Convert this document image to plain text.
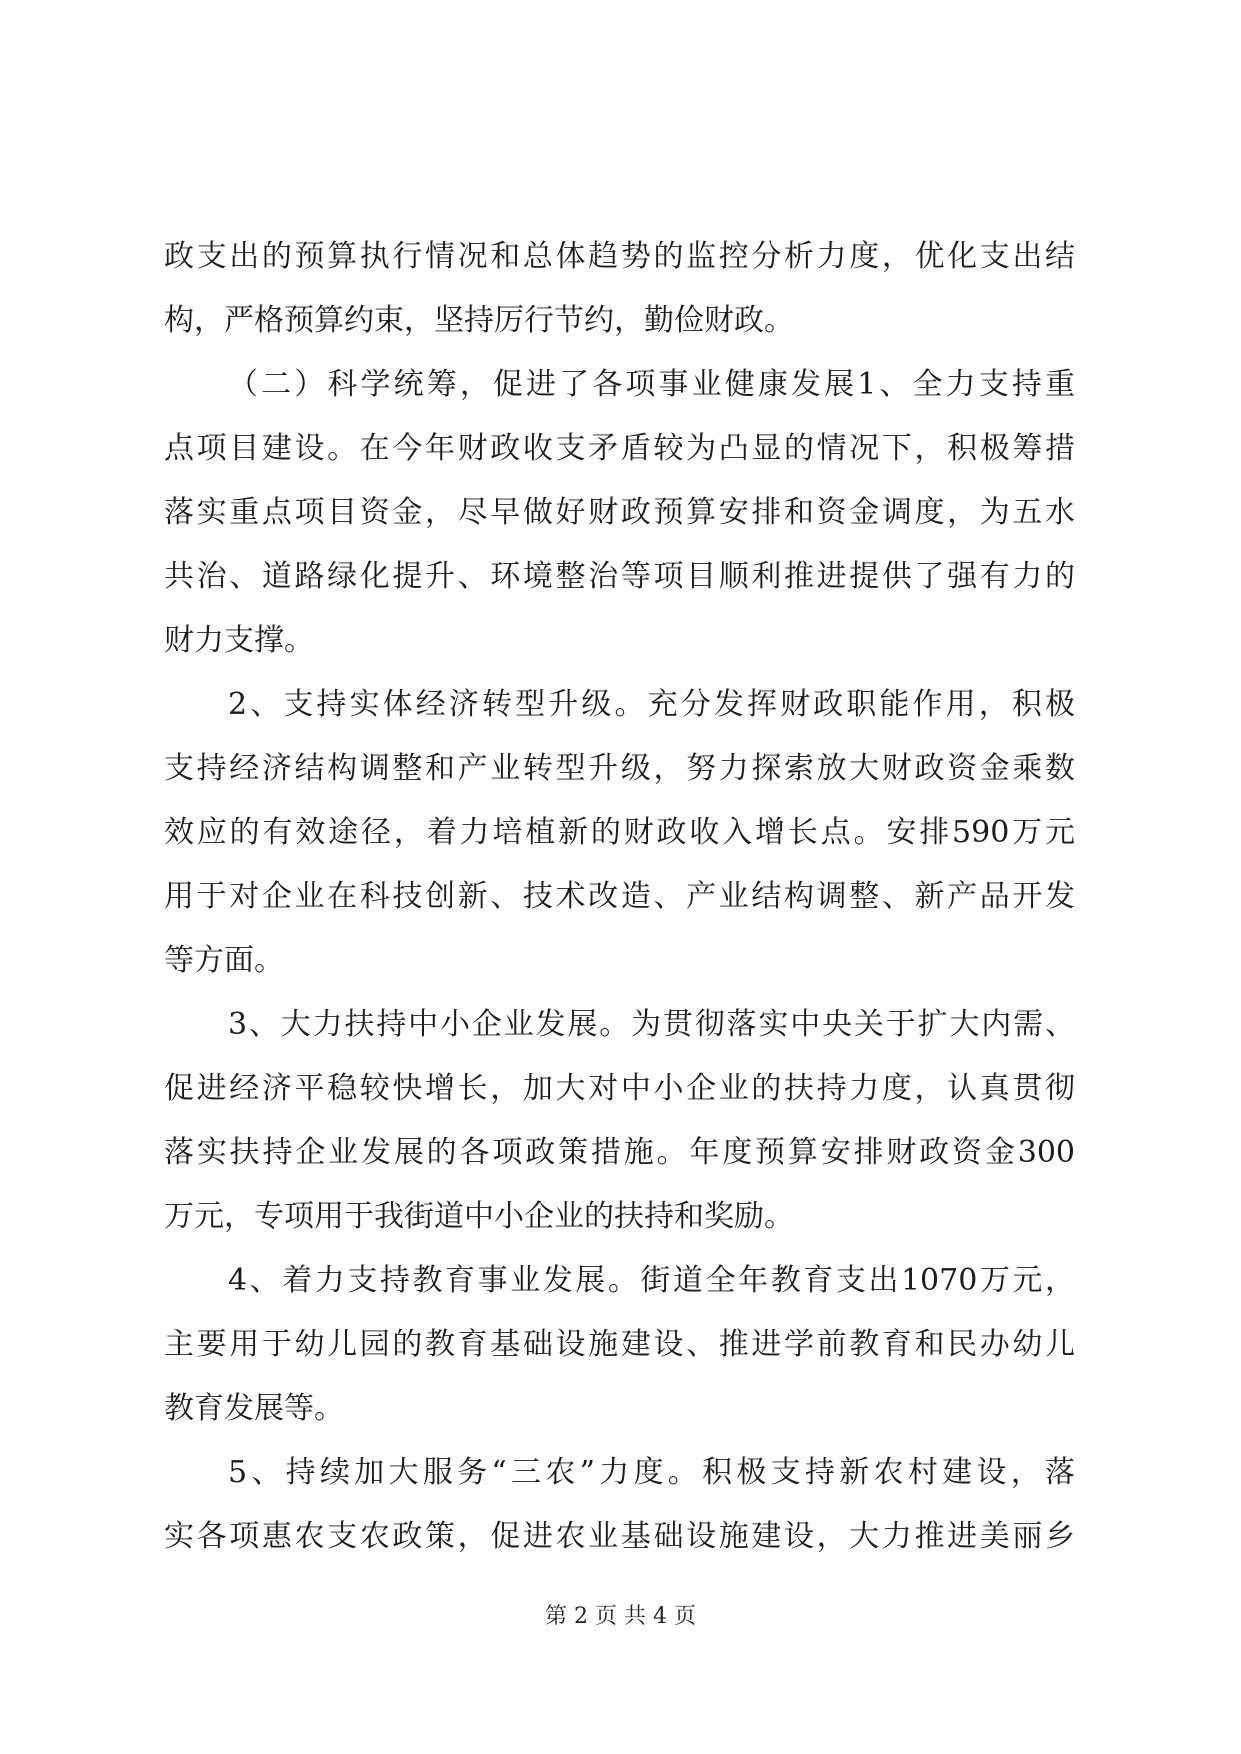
政支出的预算执行情况和总体趋势的监控分析力度，优化支出结
构，严格预算约束，坚持厉行节约，勤俭财政。
（二）科学统筹，促进了各项事业健康发展1、全力支持重
点项目建设。在今年财政收支矛盾较为凸显的情况下，积极筹措
落实重点项目资金，尽早做好财政预算安排和资金调度，为五水
共治、道路绿化提升、环境整治等项目顺利推进提供了强有力的
财力支撑。
2、支持实体经济转型升级。充分发挥财政职能作用，积极
支持经济结构调整和产业转型升级，努力探索放大财政资金乘数
效应的有效途径，着力培植新的财政收入增长点。安排590万元
用于对企业在科技创新、技术改造、产业结构调整、新产品开发
等方面。
3、大力扶持中小企业发展。为贯彻落实中央关于扩大内需、
促进经济平稳较快增长，加大对中小企业的扶持力度，认真贯彻
落实扶持企业发展的各项政策措施。年度预算安排财政资金300
万元，专项用于我街道中小企业的扶持和奖励。
4、着力支持教育事业发展。街道全年教育支出1070万元，
主要用于幼儿园的教育基础设施建设、推进学前教育和民办幼儿
教育发展等。
5、持续加大服务“三农”力度。积极支持新农村建设，落
实各项惠农支农政策，促进农业基础设施建设，大力推进美丽乡
第 2 页 共 4 页
